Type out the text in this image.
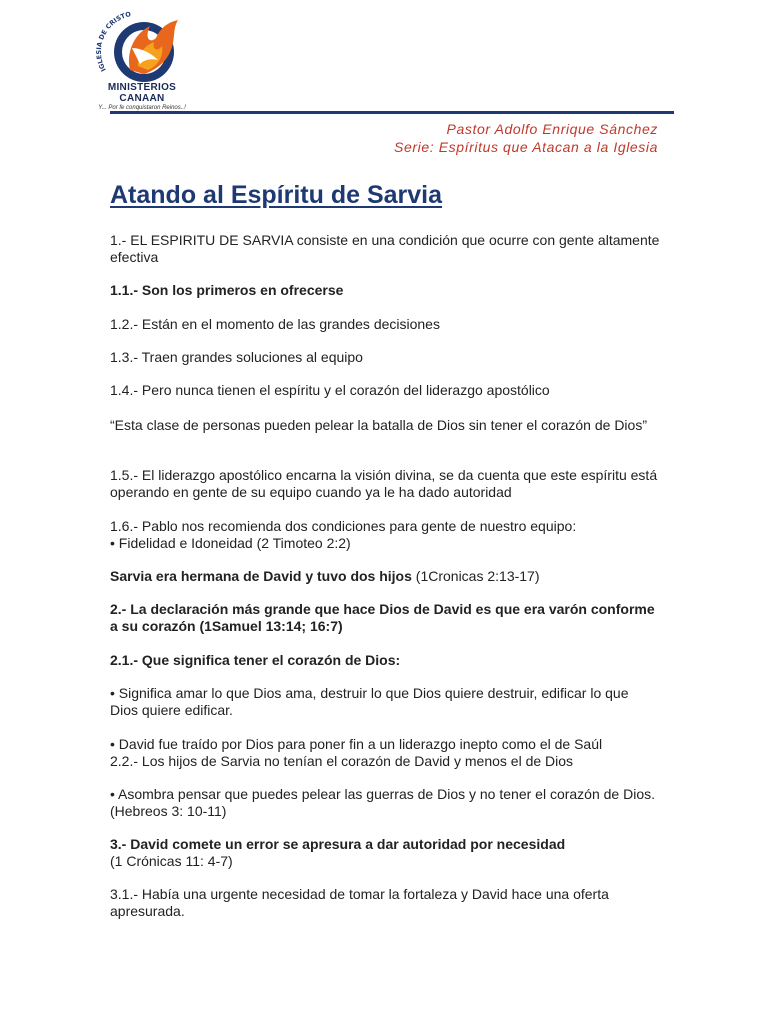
IGLESIA DE CRISTO
MINISTERIOS CANAAN
Y... Por fe conquistaron Reinos..!
Pastor Adolfo Enrique Sánchez
Serie: Espíritus que Atacan a la Iglesia
Atando al Espíritu de Sarvia

1.- EL ESPIRITU DE SARVIA consiste en una condición que ocurre con gente altamente efectiva

1.1.- Son los primeros en ofrecerse

1.2.- Están en el momento de las grandes decisiones

1.3.- Traen grandes soluciones al equipo

1.4.- Pero nunca tienen el espíritu y el corazón del liderazgo apostólico

“Esta clase de personas pueden pelear la batalla de Dios sin tener el corazón de Dios”

1.5.- El liderazgo apostólico encarna la visión divina, se da cuenta que este espíritu está operando en gente de su equipo cuando ya le ha dado autoridad

1.6.- Pablo nos recomienda dos condiciones para gente de nuestro equipo:
• Fidelidad e Idoneidad (2 Timoteo 2:2)

Sarvia era hermana de David y tuvo dos hijos (1Cronicas 2:13-17)

2.- La declaración más grande que hace Dios de David es que era varón conforme a su corazón (1Samuel 13:14; 16:7)

2.1.- Que significa tener el corazón de Dios:

• Significa amar lo que Dios ama, destruir lo que Dios quiere destruir, edificar lo que Dios quiere edificar.

• David fue traído por Dios para poner fin a un liderazgo inepto como el de Saúl
2.2.- Los hijos de Sarvia no tenían el corazón de David y menos el de Dios

• Asombra pensar que puedes pelear las guerras de Dios y no tener el corazón de Dios. (Hebreos 3: 10-11)

3.- David comete un error se apresura a dar autoridad por necesidad
(1 Crónicas 11: 4-7)

3.1.- Había una urgente necesidad de tomar la fortaleza y David hace una oferta apresurada.
